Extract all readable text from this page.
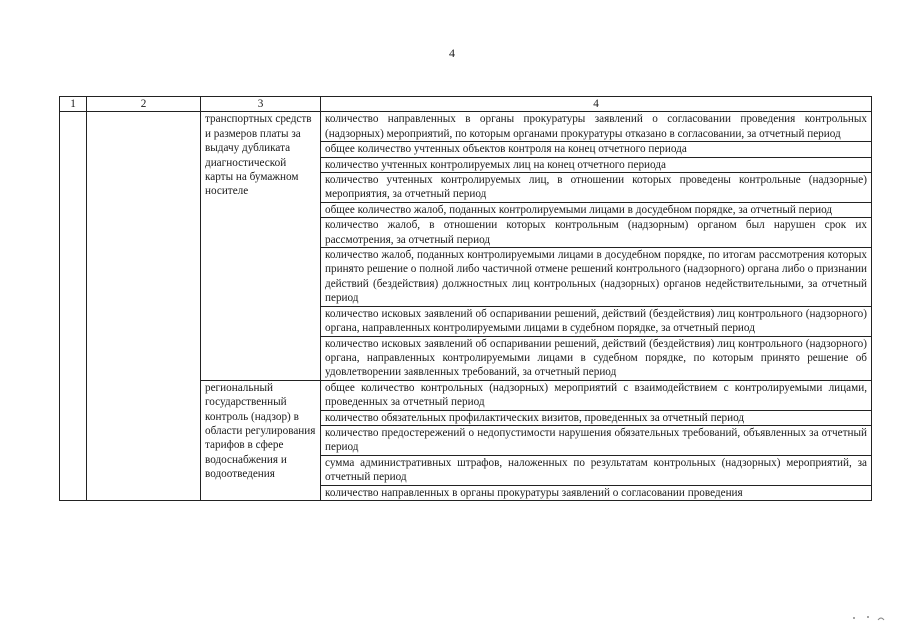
4
1	2	3	4
		транспортных средств и размеров платы за выдачу дубликата диагностической карты на бумажном носителе	количество направленных в органы прокуратуры заявлений о согласовании проведения контрольных (надзорных) мероприятий, по которым органами прокуратуры отказано в согласовании, за отчетный период
			общее количество учтенных объектов контроля на конец отчетного периода
			количество учтенных контролируемых лиц на конец отчетного периода
			количество учтенных контролируемых лиц, в отношении которых проведены контрольные (надзорные) мероприятия, за отчетный период
			общее количество жалоб, поданных контролируемыми лицами в досудебном порядке, за отчетный период
			количество жалоб, в отношении которых контрольным (надзорным) органом был нарушен срок их рассмотрения, за отчетный период
			количество жалоб, поданных контролируемыми лицами в досудебном порядке, по итогам рассмотрения которых принято решение о полной либо частичной отмене решений контрольного (надзорного) органа либо о признании действий (бездействия) должностных лиц контрольных (надзорных) органов недействительными, за отчетный период
			количество исковых заявлений об оспаривании решений, действий (бездействия) лиц контрольного (надзорного) органа, направленных контролируемыми лицами в судебном порядке, за отчетный период
			количество исковых заявлений об оспаривании решений, действий (бездействия) лиц контрольного (надзорного) органа, направленных контролируемыми лицами в судебном порядке, по которым принято решение об удовлетворении заявленных требований, за отчетный период
		региональный государственный контроль (надзор) в области регулирования тарифов в сфере водоснабжения и водоотведения	общее количество контрольных (надзорных) мероприятий с взаимодействием с контролируемыми лицами, проведенных за отчетный период
			количество обязательных профилактических визитов, проведенных за отчетный период
			количество предостережений о недопустимости нарушения обязательных требований, объявленных за отчетный период
			сумма административных штрафов, наложенных по результатам контрольных (надзорных) мероприятий, за отчетный период
			количество направленных в органы прокуратуры заявлений о согласовании проведения
